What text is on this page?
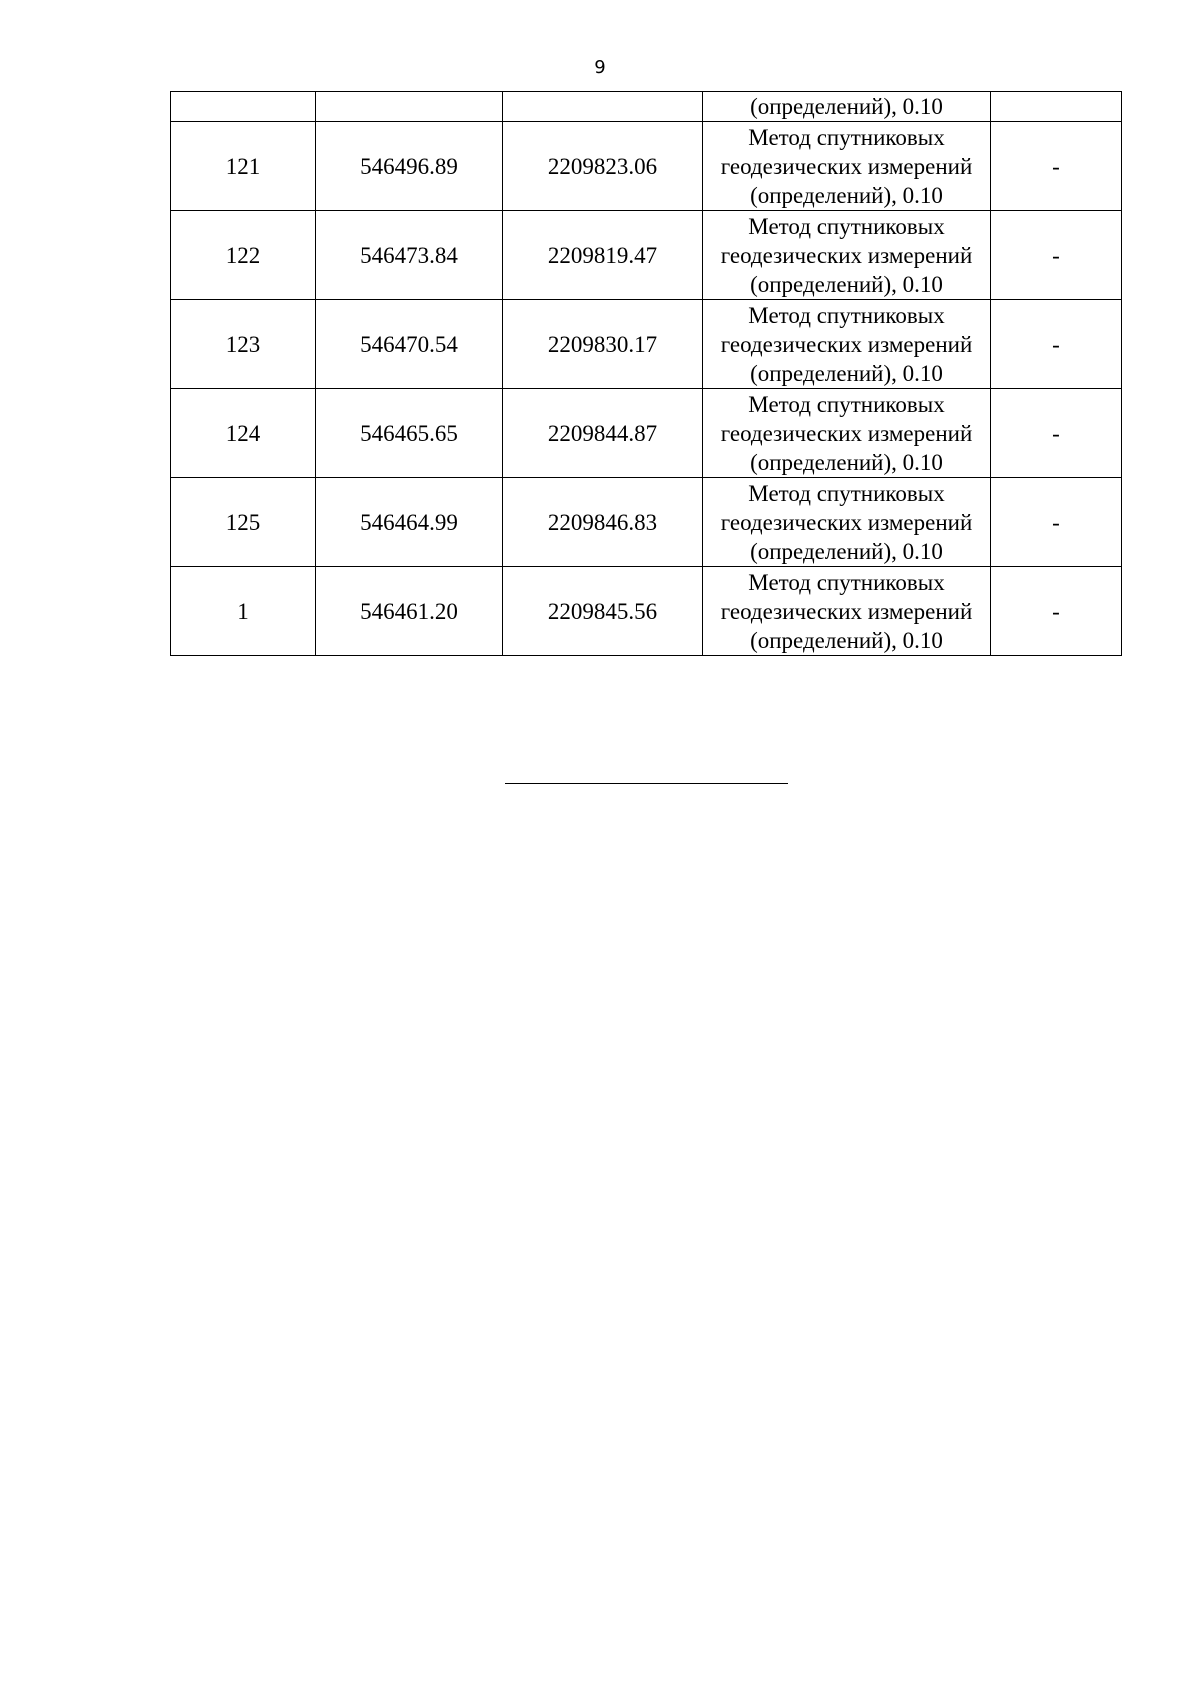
9
			(определений), 0.10	
121	546496.89	2209823.06	Метод спутниковых
геодезических измерений
(определений), 0.10	-
122	546473.84	2209819.47	Метод спутниковых
геодезических измерений
(определений), 0.10	-
123	546470.54	2209830.17	Метод спутниковых
геодезических измерений
(определений), 0.10	-
124	546465.65	2209844.87	Метод спутниковых
геодезических измерений
(определений), 0.10	-
125	546464.99	2209846.83	Метод спутниковых
геодезических измерений
(определений), 0.10	-
1	546461.20	2209845.56	Метод спутниковых
геодезических измерений
(определений), 0.10	-
